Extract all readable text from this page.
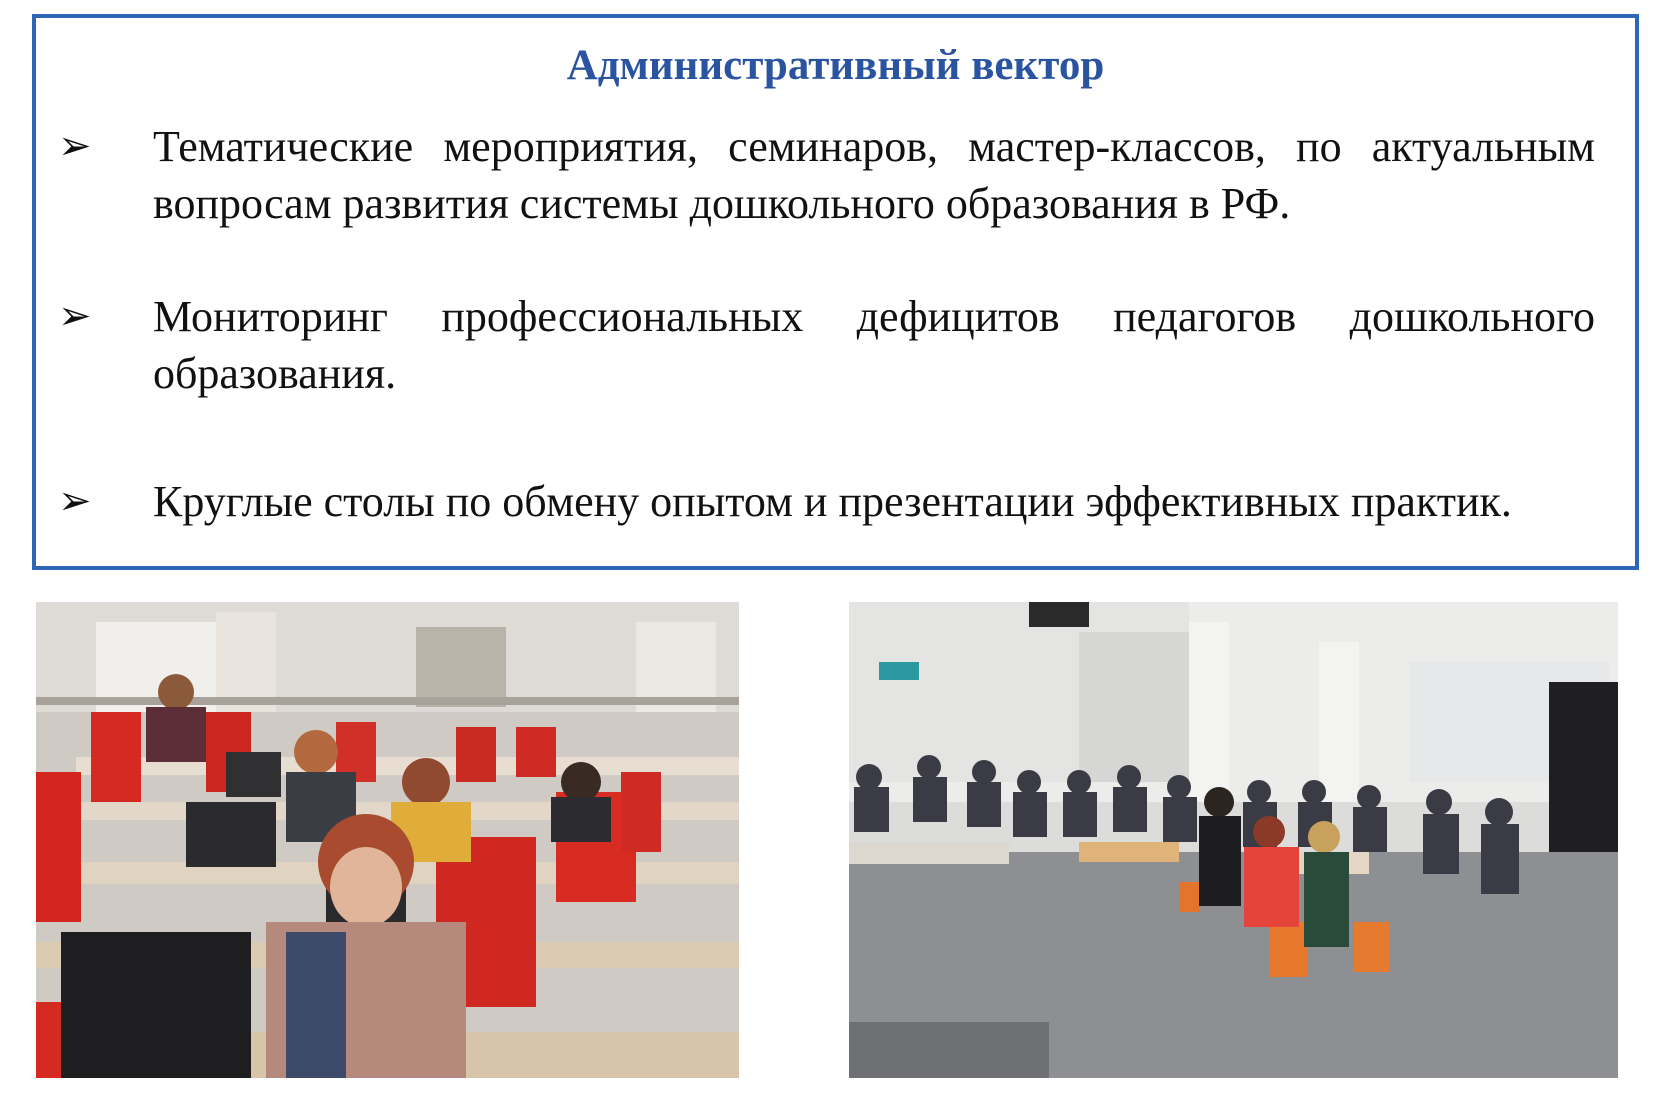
Административный вектор
➢	Тематические мероприятия, семинаров, мастер-классов, по актуальным вопросам развития системы дошкольного образования в РФ.
➢	Мониторинг профессиональных дефицитов педагогов дошкольного образования.
➢	Круглые столы по обмену опытом и презентации эффективных практик.
